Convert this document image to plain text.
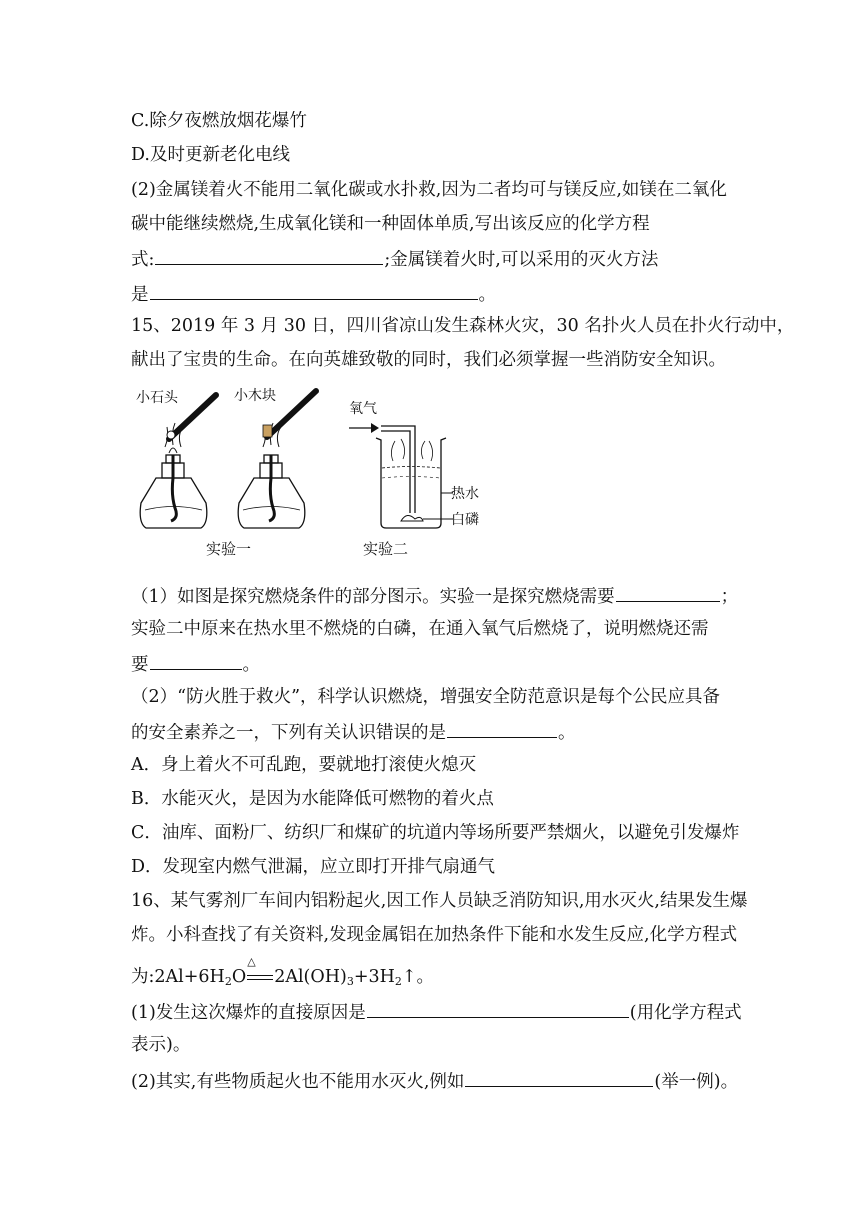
C.除夕夜燃放烟花爆竹
D.及时更新老化电线
(2)金属镁着火不能用二氧化碳或水扑救,因为二者均可与镁反应,如镁在二氧化
碳中能继续燃烧,生成氧化镁和一种固体单质,写出该反应的化学方程
式:	;金属镁着火时,可以采用的灭火方法
是	。
15、2019 年 3 月 30 日，四川省凉山发生森林火灾，30 名扑火人员在扑火行动中，
献出了宝贵的生命。在向英雄致敬的同时，我们必须掌握一些消防安全知识。
小石头	小木块
实验一
氧气
热水
白磷
实验二
（1）如图是探究燃烧条件的部分图示。实验一是探究燃烧需要	；
实验二中原来在热水里不燃烧的白磷，在通入氧气后燃烧了，说明燃烧还需
要	。
（2）“防火胜于救火”，科学认识燃烧，增强安全防范意识是每个公民应具备
的安全素养之一，下列有关认识错误的是	。
A．身上着火不可乱跑，要就地打滚使火熄灭
B．水能灭火，是因为水能降低可燃物的着火点
C．油库、面粉厂、纺织厂和煤矿的坑道内等场所要严禁烟火，以避免引发爆炸
D．发现室内燃气泄漏，应立即打开排气扇通气
16、某气雾剂厂车间内铝粉起火,因工作人员缺乏消防知识,用水灭火,结果发生爆
炸。小科查找了有关资料,发现金属铝在加热条件下能和水发生反应,化学方程式
为$:2Al+6H_2O$
△
$2Al(OH)_3+3H_2↑$。
(1)发生这次爆炸的直接原因是	(用化学方程式
表示)。
(2)其实,有些物质起火也不能用水灭火,例如	(举一例)。
